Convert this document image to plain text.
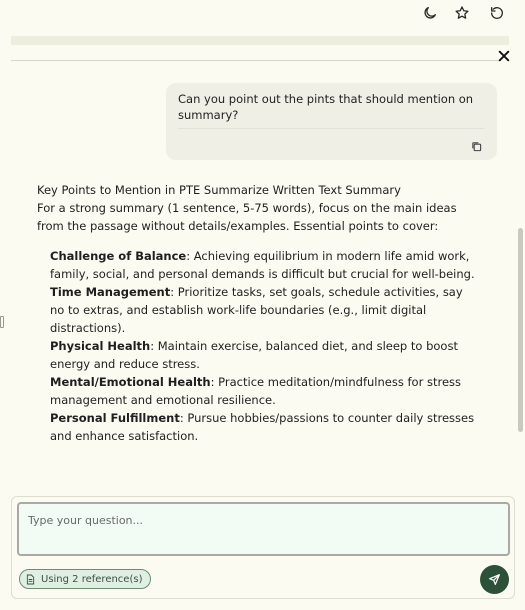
Can you point out the pints that should mention on summary?

Key Points to Mention in PTE Summarize Written Text Summary

For a strong summary (1 sentence, 5-75 words), focus on the main ideas from the passage without details/examples. Essential points to cover:

Challenge of Balance: Achieving equilibrium in modern life amid work, family, social, and personal demands is difficult but crucial for well-being.

Time Management: Prioritize tasks, set goals, schedule activities, say no to extras, and establish work-life boundaries (e.g., limit digital distractions).

Physical Health: Maintain exercise, balanced diet, and sleep to boost energy and reduce stress.

Mental/Emotional Health: Practice meditation/mindfulness for stress management and emotional resilience.

Personal Fulfillment: Pursue hobbies/passions to counter daily stresses and enhance satisfaction.

Type your question...
Using 2 reference(s)
